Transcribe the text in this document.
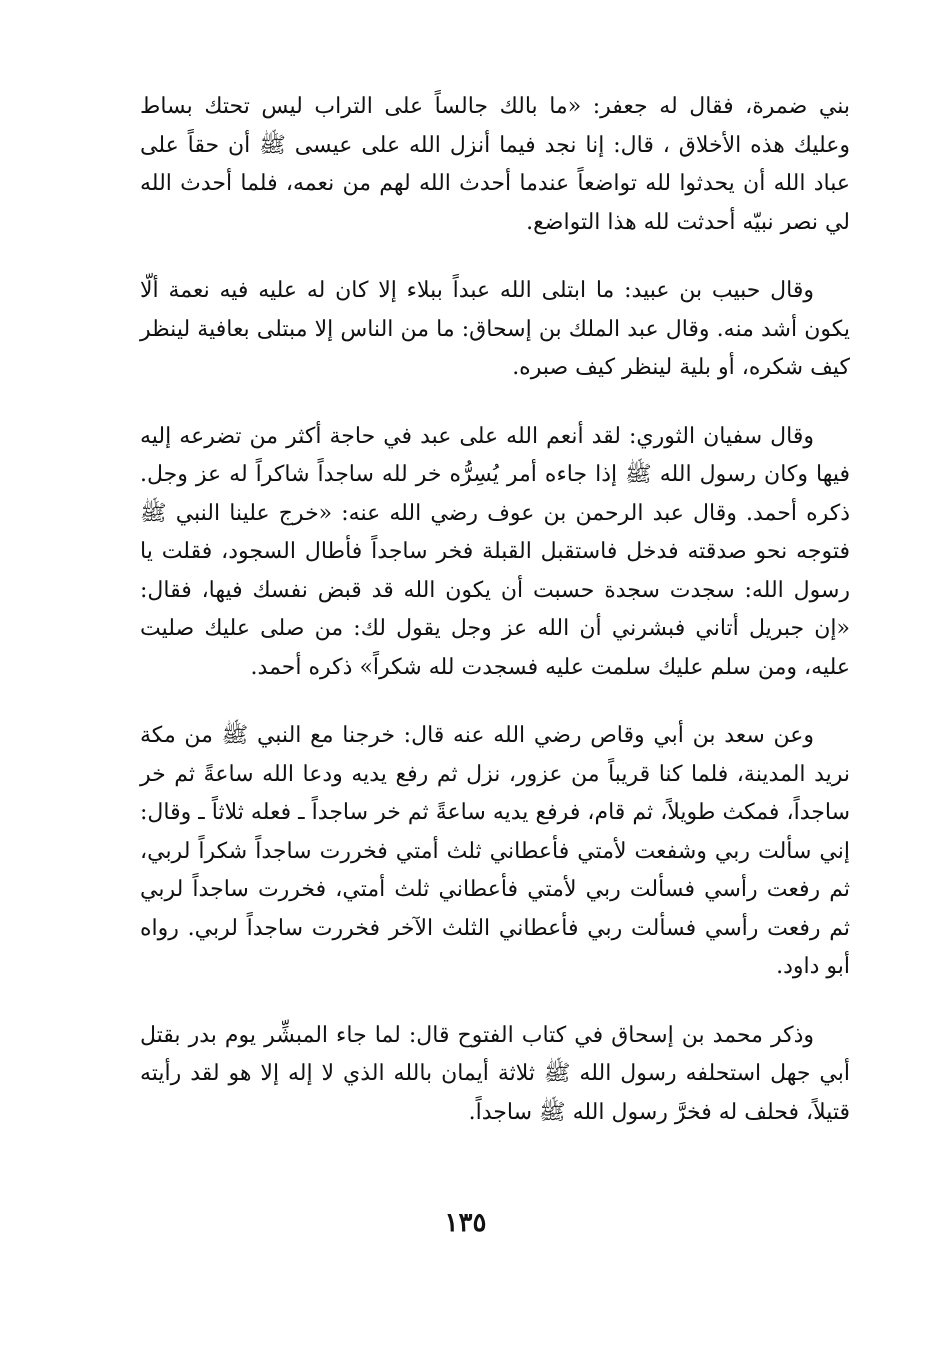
بني ضمرة، فقال له جعفر: «ما بالك جالساً على التراب ليس تحتك بساط وعليك هذه الأخلاق ، قال: إنا نجد فيما أنزل الله على عيسى ﷺ أن حقاً على عباد الله أن يحدثوا لله تواضعاً عندما أحدث الله لهم من نعمه، فلما أحدث الله لي نصر نبيّه أحدثت لله هذا التواضع.

وقال حبيب بن عبيد: ما ابتلى الله عبداً ببلاء إلا كان له عليه فيه نعمة ألّا يكون أشد منه. وقال عبد الملك بن إسحاق: ما من الناس إلا مبتلى بعافية لينظر كيف شكره، أو بلية لينظر كيف صبره.

وقال سفيان الثوري: لقد أنعم الله على عبد في حاجة أكثر من تضرعه إليه فيها وكان رسول الله ﷺ إذا جاءه أمر يُسِرُّه خر لله ساجداً شاكراً له عز وجل. ذكره أحمد. وقال عبد الرحمن بن عوف رضي الله عنه: «خرج علينا النبي ﷺ فتوجه نحو صدقته فدخل فاستقبل القبلة فخر ساجداً فأطال السجود، فقلت يا رسول الله: سجدت سجدة حسبت أن يكون الله قد قبض نفسك فيها، فقال: «إن جبريل أتاني فبشرني أن الله عز وجل يقول لك: من صلى عليك صليت عليه، ومن سلم عليك سلمت عليه فسجدت لله شكراً» ذكره أحمد.

وعن سعد بن أبي وقاص رضي الله عنه قال: خرجنا مع النبي ﷺ من مكة نريد المدينة، فلما كنا قريباً من عزور، نزل ثم رفع يديه ودعا الله ساعةً ثم خر ساجداً، فمكث طويلاً، ثم قام، فرفع يديه ساعةً ثم خر ساجداً ـ فعله ثلاثاً ـ وقال: إني سألت ربي وشفعت لأمتي فأعطاني ثلث أمتي فخررت ساجداً شكراً لربي، ثم رفعت رأسي فسألت ربي لأمتي فأعطاني ثلث أمتي، فخررت ساجداً لربي ثم رفعت رأسي فسألت ربي فأعطاني الثلث الآخر فخررت ساجداً لربي. رواه أبو داود.

وذكر محمد بن إسحاق في كتاب الفتوح قال: لما جاء المبشِّر يوم بدر بقتل أبي جهل استحلفه رسول الله ﷺ ثلاثة أيمان بالله الذي لا إله إلا هو لقد رأيته قتيلاً، فحلف له فخرَّ رسول الله ﷺ ساجداً.

١٣٥
